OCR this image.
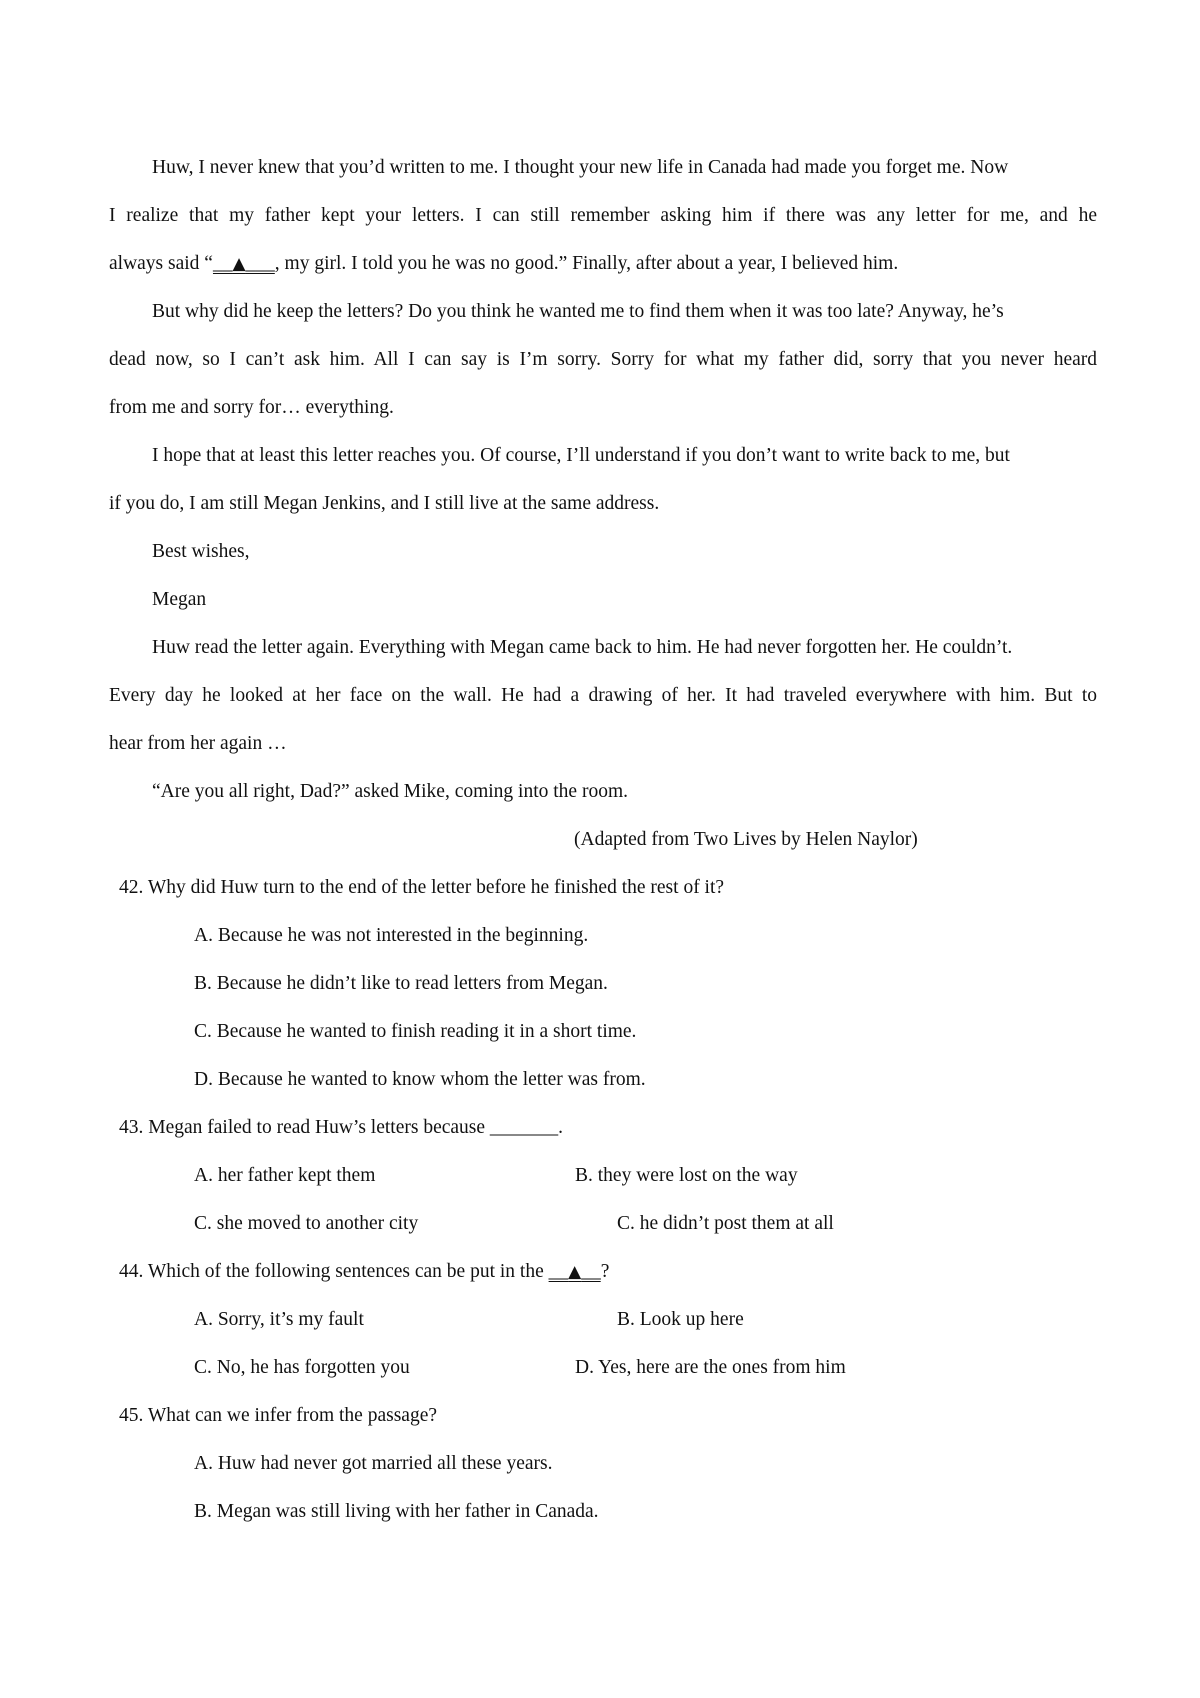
Huw, I never knew that you’d written to me. I thought your new life in Canada had made you forget me. Now
I realize that my father kept your letters. I can still remember asking him if there was any letter for me, and he
always said “__▲___, my girl. I told you he was no good.” Finally, after about a year, I believed him.
But why did he keep the letters? Do you think he wanted me to find them when it was too late? Anyway, he’s
dead now, so I can’t ask him. All I can say is I’m sorry. Sorry for what my father did, sorry that you never heard
from me and sorry for… everything.
I hope that at least this letter reaches you. Of course, I’ll understand if you don’t want to write back to me, but
if you do, I am still Megan Jenkins, and I still live at the same address.
Best wishes,
Megan
Huw read the letter again. Everything with Megan came back to him. He had never forgotten her. He couldn’t.
Every day he looked at her face on the wall. He had a drawing of her. It had traveled everywhere with him. But to
hear from her again …
“Are you all right, Dad?” asked Mike, coming into the room.
(Adapted from Two Lives by Helen Naylor)
42. Why did Huw turn to the end of the letter before he finished the rest of it?
A. Because he was not interested in the beginning.
B. Because he didn’t like to read letters from Megan.
C. Because he wanted to finish reading it in a short time.
D. Because he wanted to know whom the letter was from.
43. Megan failed to read Huw’s letters because _______.
A. her father kept them	B. they were lost on the way
C. she moved to another city	C. he didn’t post them at all
44. Which of the following sentences can be put in the __▲__?
A. Sorry, it’s my fault	B. Look up here
C. No, he has forgotten you	D. Yes, here are the ones from him
45. What can we infer from the passage?
A. Huw had never got married all these years.
B. Megan was still living with her father in Canada.
